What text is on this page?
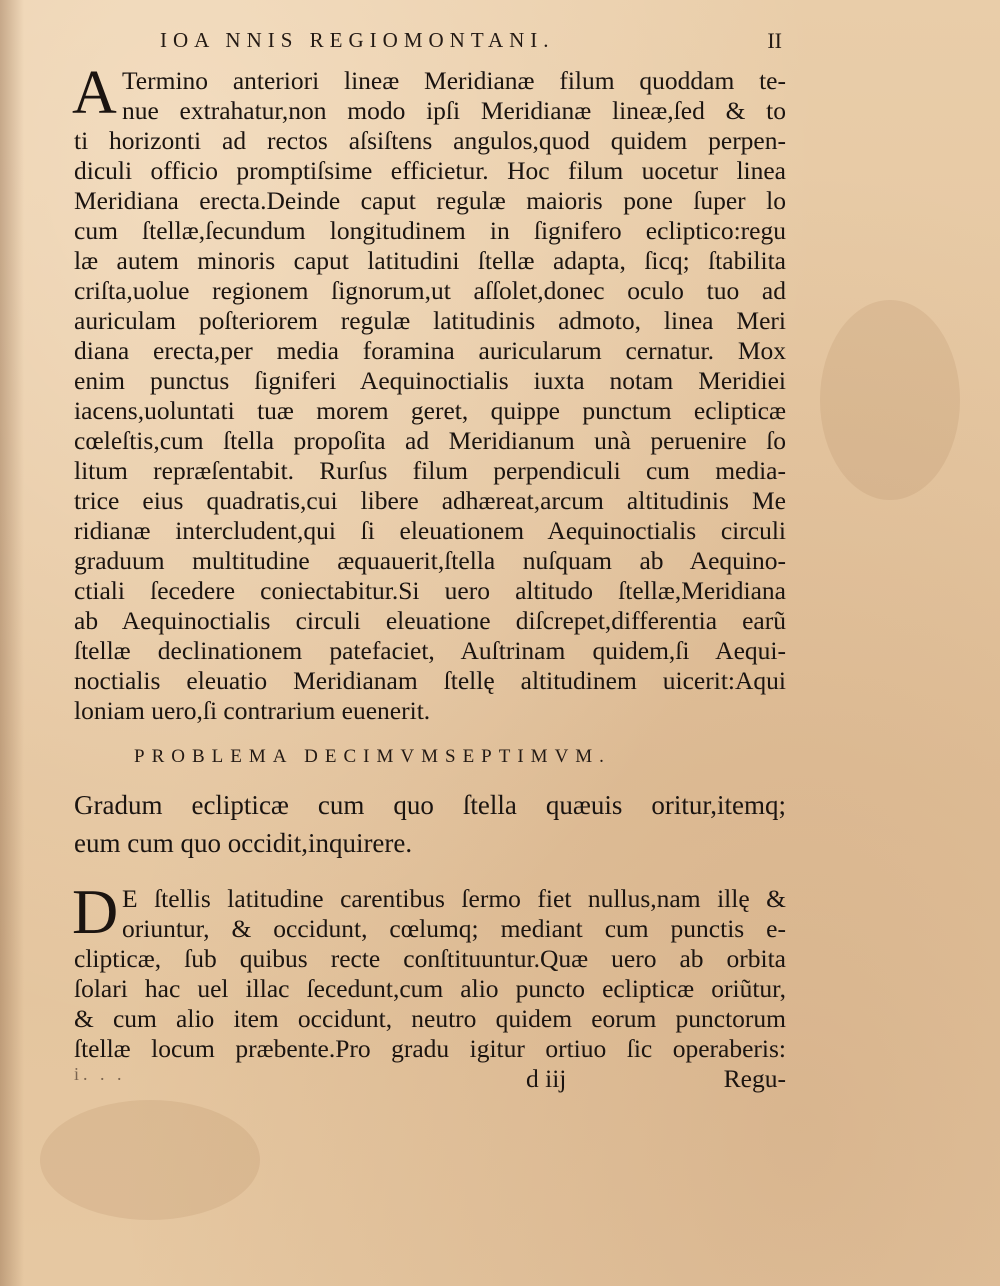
IOA NNIS REGIOMONTANI.	II
A Termino anteriori lineæ Meridianæ filum quoddam te-
nue extrahatur,non modo ipſi Meridianæ lineæ,ſed & to
ti horizonti ad rectos aſsiſtens angulos,quod quidem perpen-
diculi officio promptiſsime efficietur. Hoc filum uocetur linea
Meridiana erecta.Deinde caput regulæ maioris pone ſuper lo
cum ſtellæ,ſecundum longitudinem in ſignifero ecliptico:regu
læ autem minoris caput latitudini ſtellæ adapta, ſicq; ſtabilita
criſta,uolue regionem ſignorum,ut aſſolet,donec oculo tuo ad
auriculam poſteriorem regulæ latitudinis admoto, linea Meri
diana erecta,per media foramina auricularum cernatur. Mox
enim punctus ſigniferi Aequinoctialis iuxta notam Meridiei
iacens,uoluntati tuæ morem geret, quippe punctum eclipticæ
cœleſtis,cum ſtella propoſita ad Meridianum unà peruenire ſo
litum repræſentabit. Rurſus filum perpendiculi cum media-
trice eius quadratis,cui libere adhæreat,arcum altitudinis Me
ridianæ intercludent,qui ſi eleuationem Aequinoctialis circuli
graduum multitudine æquauerit,ſtella nuſquam ab Aequino-
ctiali ſecedere coniectabitur.Si uero altitudo ſtellæ,Meridiana
ab Aequinoctialis circuli eleuatione diſcrepet,differentia earũ
ſtellæ declinationem patefaciet, Auſtrinam quidem,ſi Aequi-
noctialis eleuatio Meridianam ſtellę altitudinem uicerit:Aqui
loniam uero,ſi contrarium euenerit.
PROBLEMA DECIMVMSEPTIMVM.
Gradum eclipticæ cum quo ſtella quæuis oritur,itemq;
eum cum quo occidit,inquirere.
D E ſtellis latitudine carentibus ſermo fiet nullus,nam illę &
oriuntur, & occidunt, cœlumq; mediant cum punctis e-
clipticæ, ſub quibus recte conſtituuntur.Quæ uero ab orbita
ſolari hac uel illac ſecedunt,cum alio puncto eclipticæ oriũtur,
& cum alio item occidunt, neutro quidem eorum punctorum
ſtellæ locum præbente.Pro gradu igitur ortiuo ſic operaberis:
i. . .	d iij	Regu-
